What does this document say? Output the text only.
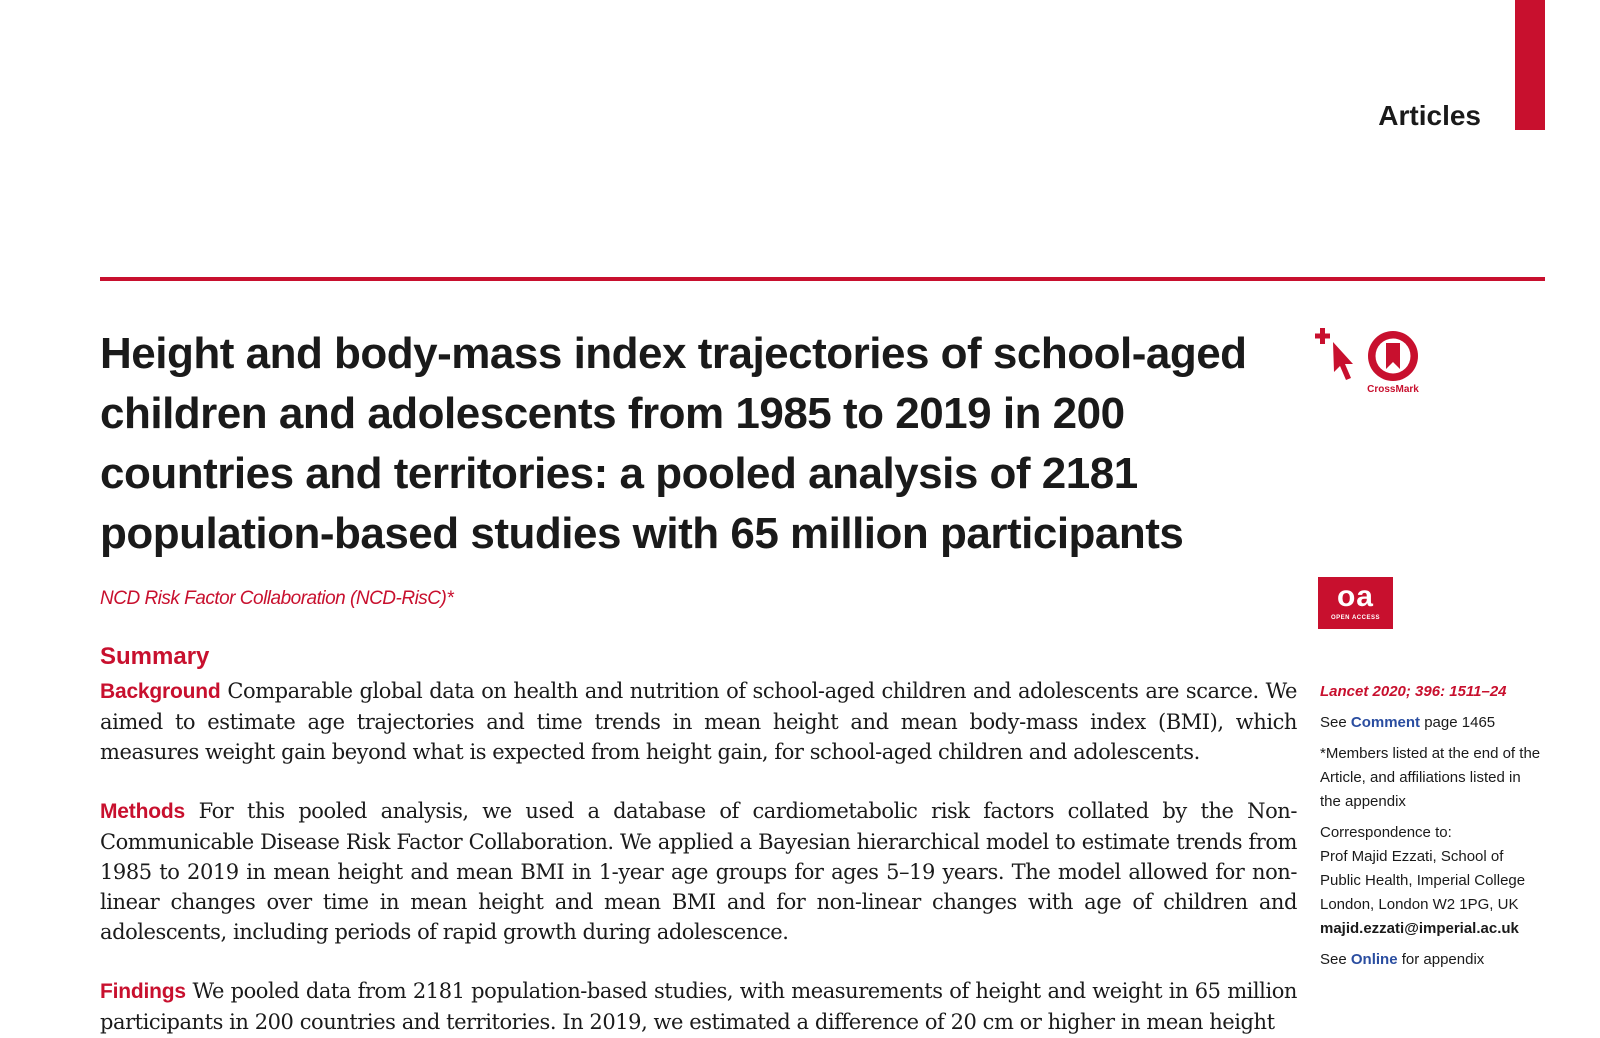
Articles
Height and body-mass index trajectories of school-aged children and adolescents from 1985 to 2019 in 200 countries and territories: a pooled analysis of 2181 population-based studies with 65 million participants
NCD Risk Factor Collaboration (NCD-RisC)*
Summary

Background Comparable global data on health and nutrition of school-aged children and adolescents are scarce. We aimed to estimate age trajectories and time trends in mean height and mean body-mass index (BMI), which measures weight gain beyond what is expected from height gain, for school-aged children and adolescents.

Methods For this pooled analysis, we used a database of cardiometabolic risk factors collated by the Non-Communicable Disease Risk Factor Collaboration. We applied a Bayesian hierarchical model to estimate trends from 1985 to 2019 in mean height and mean BMI in 1-year age groups for ages 5–19 years. The model allowed for non-linear changes over time in mean height and mean BMI and for non-linear changes with age of children and adolescents, including periods of rapid growth during adolescence.

Findings We pooled data from 2181 population-based studies, with measurements of height and weight in 65 million participants in 200 countries and territories. In 2019, we estimated a difference of 20 cm or higher in mean height

CrossMark
oa
OPEN ACCESS

Lancet 2020; 396: 1511–24

See Comment page 1465

*Members listed at the end of the Article, and affiliations listed in the appendix

Correspondence to:

Prof Majid Ezzati, School of Public Health, Imperial College London, London W2 1PG, UK

majid.ezzati@imperial.ac.uk

See Online for appendix
